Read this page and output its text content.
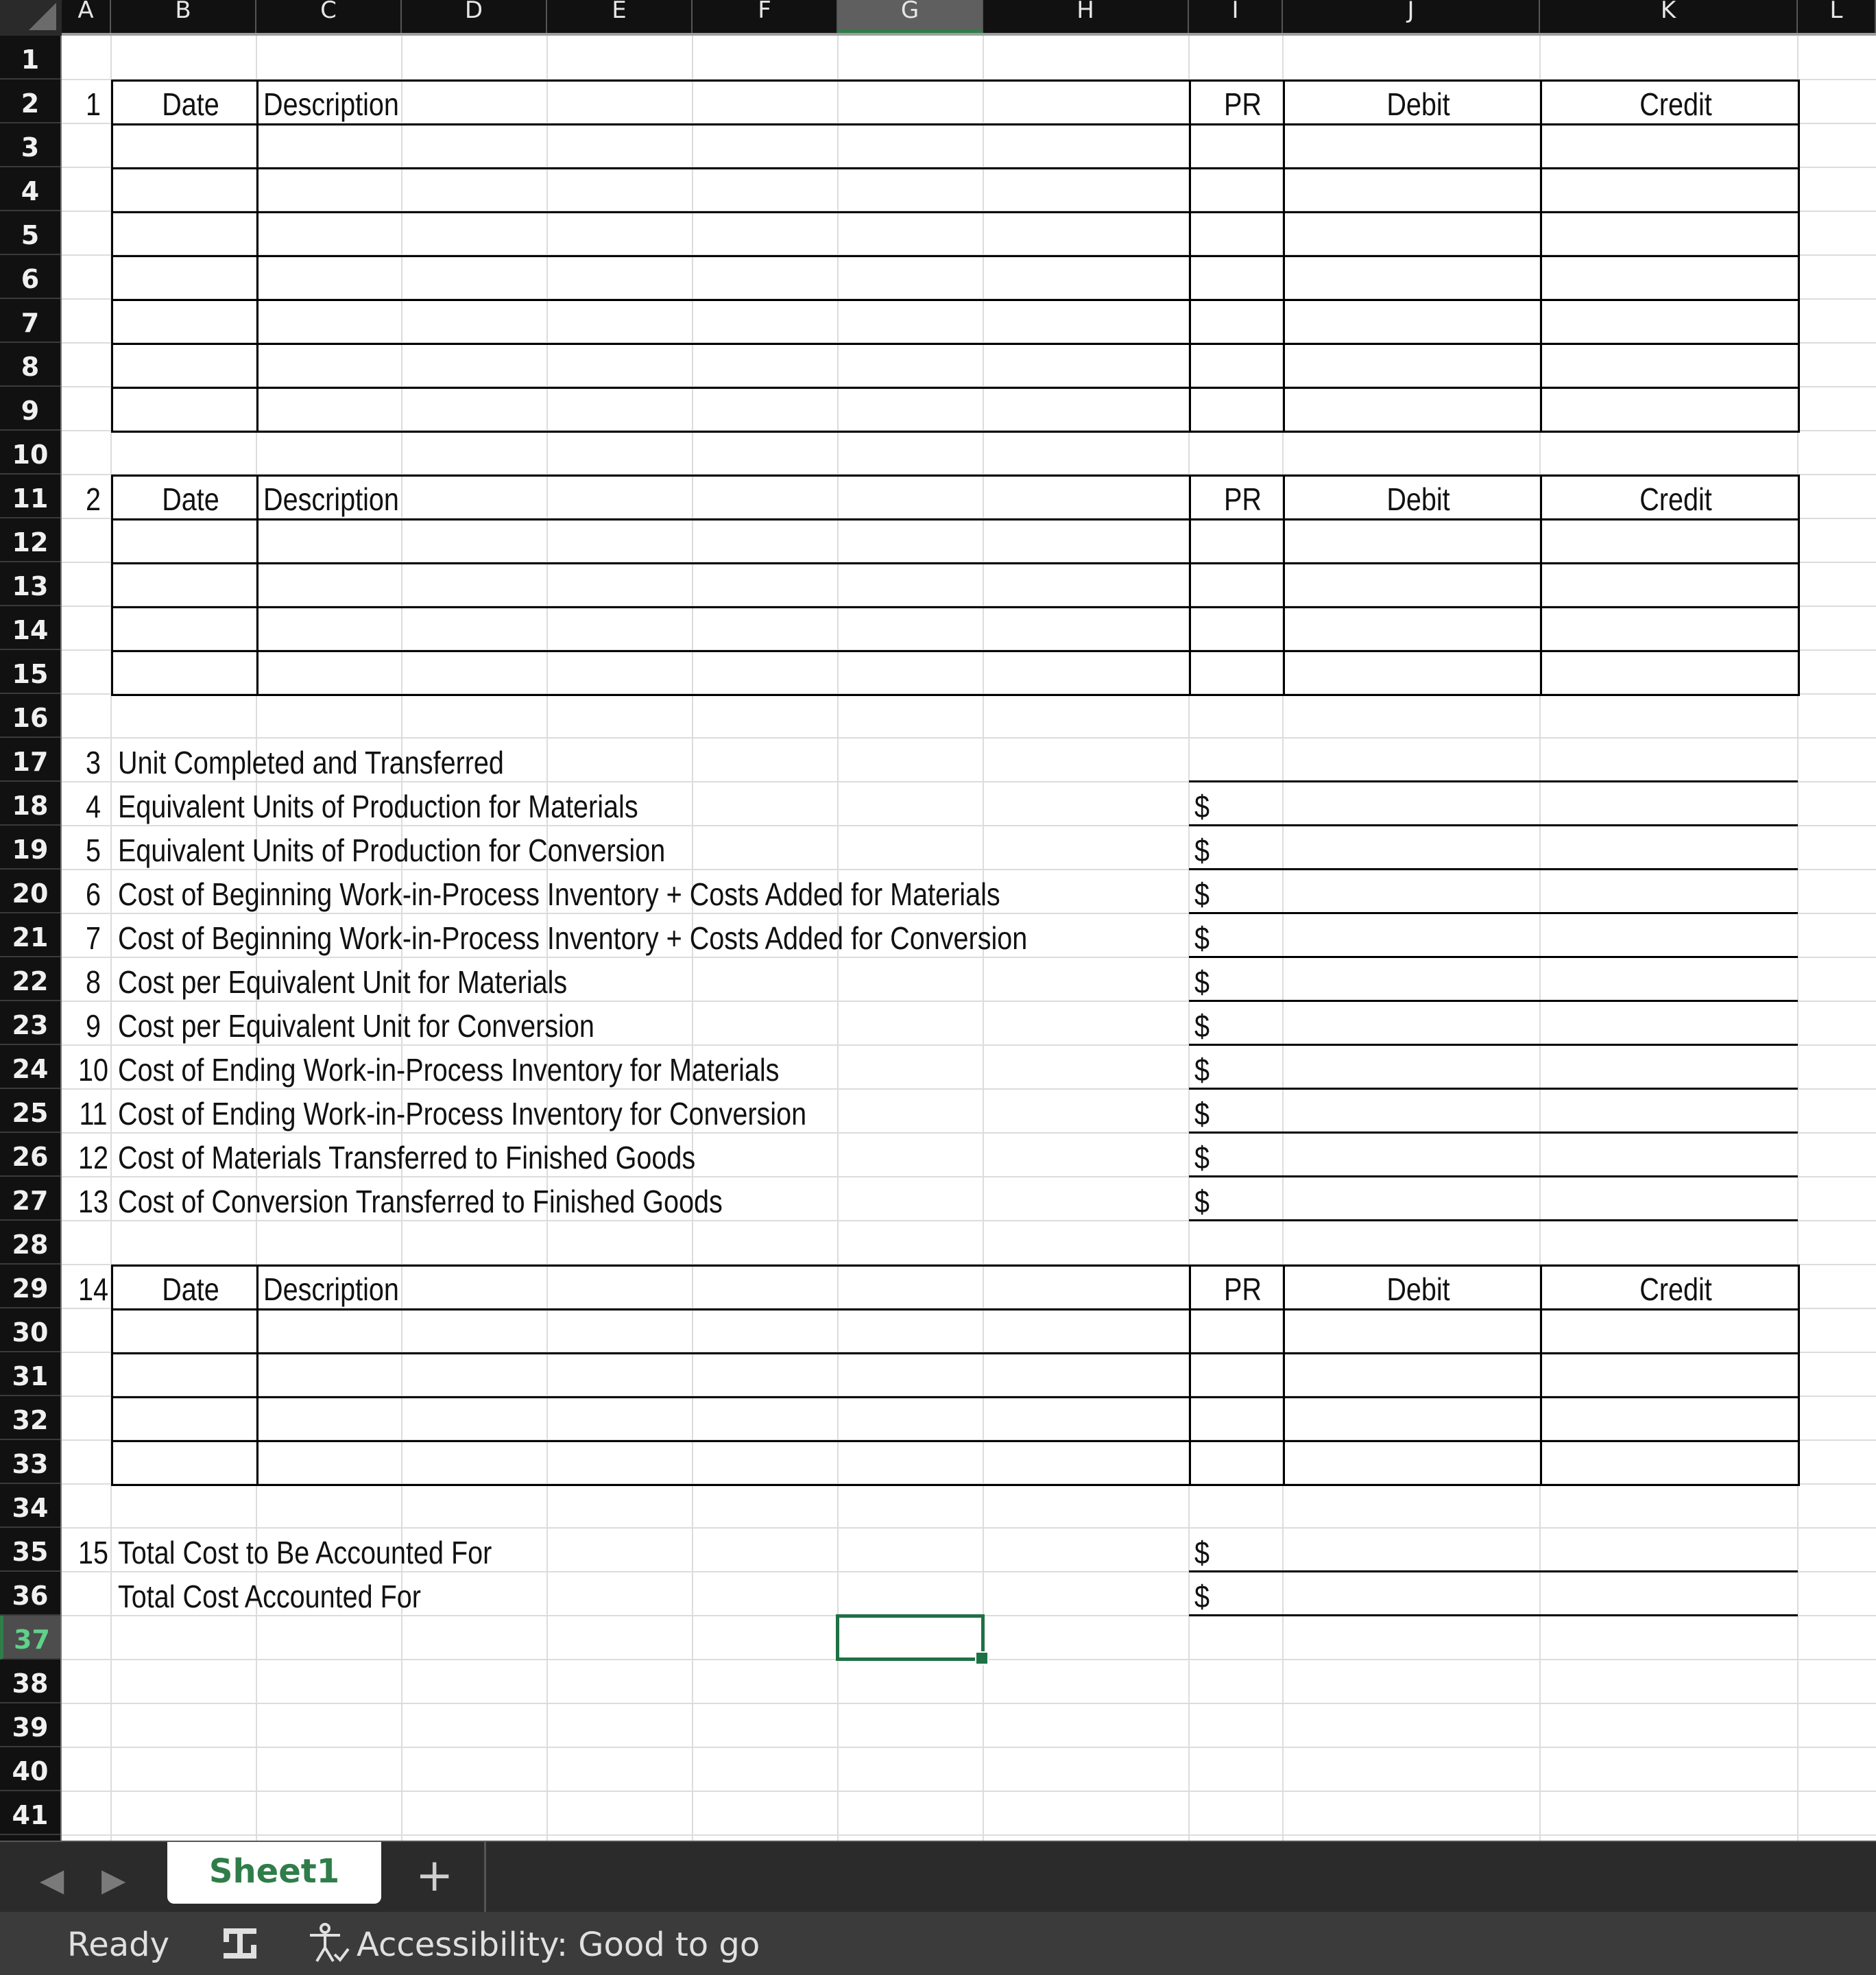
A	B	C	D	E	F	G	H	I	J	K	L
1
2
3
4
5
6
7
8
9
10
11
12
13
14
15
16
17
18
19
20
21
22
23
24
25
26
27
28
29
30
31
32
33
34
35
36
37
38
39
40
41
1	Date	Description	PR	Debit	Credit
2	Date	Description	PR	Debit	Credit
14	Date	Description	PR	Debit	Credit
3 Unit Completed and Transferred
4 Equivalent Units of Production for Materials	$
5 Equivalent Units of Production for Conversion	$
6 Cost of Beginning Work-in-Process Inventory + Costs Added for Materials	$
7 Cost of Beginning Work-in-Process Inventory + Costs Added for Conversion	$
8 Cost per Equivalent Unit for Materials	$
9 Cost per Equivalent Unit for Conversion	$
10 Cost of Ending Work-in-Process Inventory for Materials	$
11 Cost of Ending Work-in-Process Inventory for Conversion	$
12 Cost of Materials Transferred to Finished Goods	$
13 Cost of Conversion Transferred to Finished Goods	$
15 Total Cost to Be Accounted For	$
Total Cost Accounted For	$
◀ ▶	Sheet1	+
Ready	Accessibility: Good to go
